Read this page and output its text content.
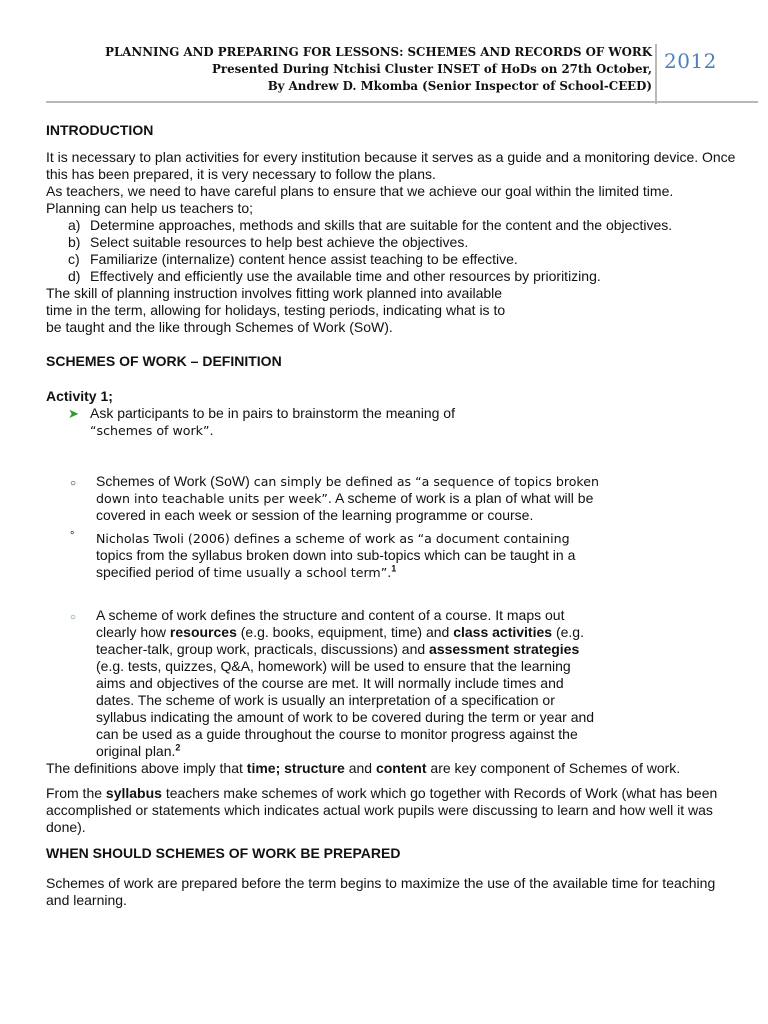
PLANNING AND PREPARING FOR LESSONS: SCHEMES AND RECORDS OF WORK
Presented During Ntchisi Cluster INSET of HoDs on 27th October,
By Andrew D. Mkomba (Senior Inspector of School-CEED)
2012
INTRODUCTION

It is necessary to plan activities for every institution because it serves as a guide and a monitoring device. Once this has been prepared, it is very necessary to follow the plans.

As teachers, we need to have careful plans to ensure that we achieve our goal within the limited time.

Planning can help us teachers to;

a) Determine approaches, methods and skills that are suitable for the content and the objectives.
b) Select suitable resources to help best achieve the objectives.
c) Familiarize (internalize) content hence assist teaching to be effective.
d) Effectively and efficiently use the available time and other resources by prioritizing.

The skill of planning instruction involves fitting work planned into available

time in the term, allowing for holidays, testing periods, indicating what is to

be taught and the like through Schemes of Work (SoW).

SCHEMES OF WORK – DEFINITION
Activity 1;
➤ Ask participants to be in pairs to brainstorm the meaning of
“schemes of work”.
○ Schemes of Work (SoW) can simply be defined as “a sequence of topics broken
down into teachable units per week”. A scheme of work is a plan of what will be
covered in each week or session of the learning programme or course.
° Nicholas Twoli (2006) defines a scheme of work as “a document containing
topics from the syllabus broken down into sub-topics which can be taught in a
specified period of time usually a school term”.$^1$
○ A scheme of work defines the structure and content of a course. It maps out
clearly how resources (e.g. books, equipment, time) and class activities (e.g.
teacher-talk, group work, practicals, discussions) and assessment strategies
(e.g. tests, quizzes, Q&A, homework) will be used to ensure that the learning
aims and objectives of the course are met. It will normally include times and
dates. The scheme of work is usually an interpretation of a specification or
syllabus indicating the amount of work to be covered during the term or year and
can be used as a guide throughout the course to monitor progress against the
original plan.$^2$

The definitions above imply that time; structure and content are key component of Schemes of work.

From the syllabus teachers make schemes of work which go together with Records of Work (what has been accomplished or statements which indicates actual work pupils were discussing to learn and how well it was done).

WHEN SHOULD SCHEMES OF WORK BE PREPARED

Schemes of work are prepared before the term begins to maximize the use of the available time for teaching and learning.
